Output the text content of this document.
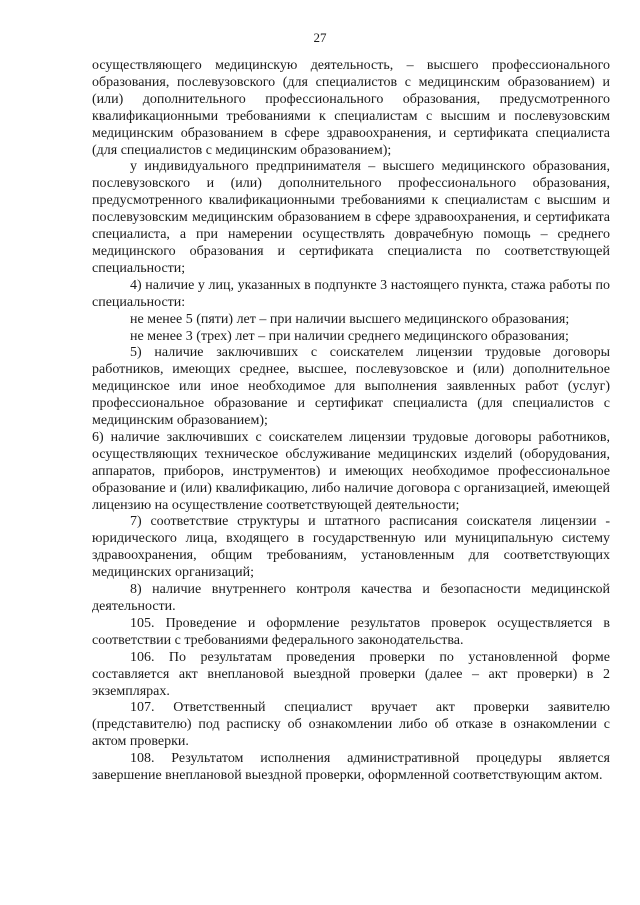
27

осуществляющего медицинскую деятельность, – высшего профессионального образования, послевузовского (для специалистов с медицинским образованием) и (или) дополнительного профессионального образования, предусмотренного квалификационными требованиями к специалистам с высшим и послевузовским медицинским образованием в сфере здравоохранения, и сертификата специалиста (для специалистов с медицинским образованием);

у индивидуального предпринимателя – высшего медицинского образования, послевузовского и (или) дополнительного профессионального образования, предусмотренного квалификационными требованиями к специалистам с высшим и послевузовским медицинским образованием в сфере здравоохранения, и сертификата специалиста, а при намерении осуществлять доврачебную помощь – среднего медицинского образования и сертификата специалиста по соответствующей специальности;

4) наличие у лиц, указанных в подпункте 3 настоящего пункта, стажа работы по специальности:

не менее 5 (пяти) лет – при наличии высшего медицинского образования;

не менее 3 (трех) лет – при наличии среднего медицинского образования;

5) наличие заключивших с соискателем лицензии трудовые договоры работников, имеющих среднее, высшее, послевузовское и (или) дополнительное медицинское или иное необходимое для выполнения заявленных работ (услуг) профессиональное образование и сертификат специалиста (для специалистов с медицинским образованием);

6) наличие заключивших с соискателем лицензии трудовые договоры работников, осуществляющих техническое обслуживание медицинских изделий (оборудования, аппаратов, приборов, инструментов) и имеющих необходимое профессиональное образование и (или) квалификацию, либо наличие договора с организацией, имеющей лицензию на осуществление соответствующей деятельности;

7) соответствие структуры и штатного расписания соискателя лицензии - юридического лица, входящего в государственную или муниципальную систему здравоохранения, общим требованиям, установленным для соответствующих медицинских организаций;

8) наличие внутреннего контроля качества и безопасности медицинской деятельности.

105. Проведение и оформление результатов проверок осуществляется в соответствии с требованиями федерального законодательства.

106. По результатам проведения проверки по установленной форме составляется акт внеплановой выездной проверки (далее – акт проверки) в 2 экземплярах.

107. Ответственный специалист вручает акт проверки заявителю (представителю) под расписку об ознакомлении либо об отказе в ознакомлении с актом проверки.

108. Результатом исполнения административной процедуры является завершение внеплановой выездной проверки, оформленной соответствующим актом.
